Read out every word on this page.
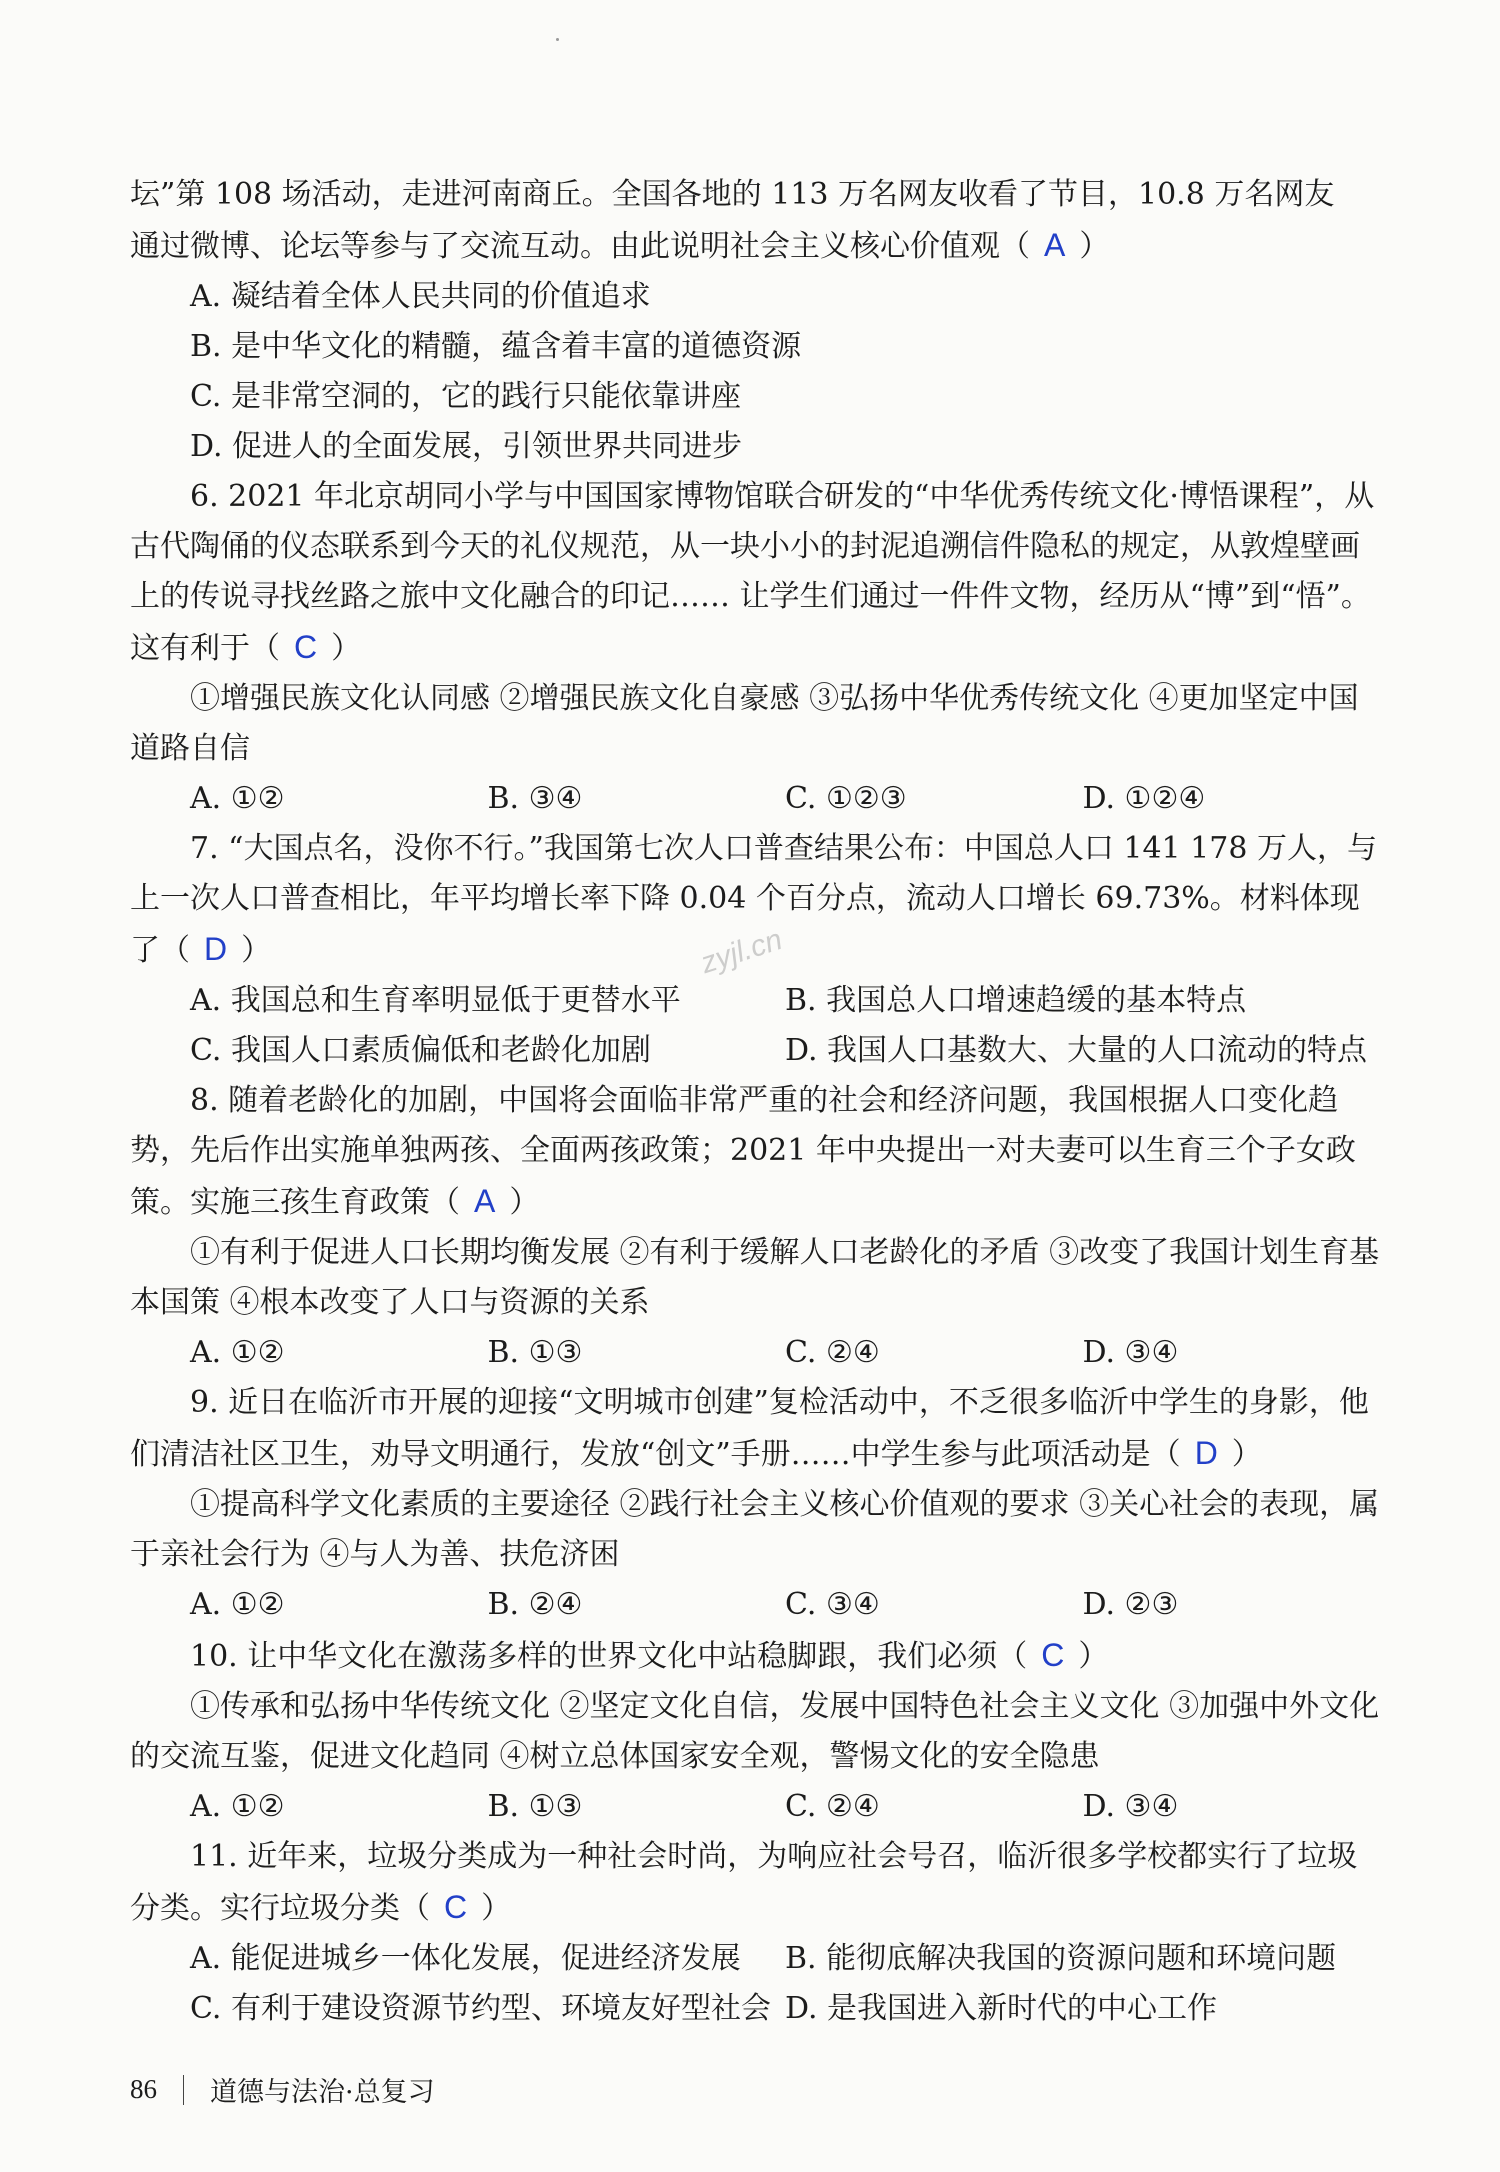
坛”第 108 场活动，走进河南商丘。全国各地的 113 万名网友收看了节目，10.8 万名网友

通过微博、论坛等参与了交流互动。由此说明社会主义核心价值观（ A ）

A. 凝结着全体人民共同的价值追求

B. 是中华文化的精髓，蕴含着丰富的道德资源

C. 是非常空洞的，它的践行只能依靠讲座

D. 促进人的全面发展，引领世界共同进步

6. 2021 年北京胡同小学与中国国家博物馆联合研发的“中华优秀传统文化·博悟课程”，从古代陶俑的仪态联系到今天的礼仪规范，从一块小小的封泥追溯信件隐私的规定，从敦煌壁画上的传说寻找丝路之旅中文化融合的印记…… 让学生们通过一件件文物，经历从“博”到“悟”。这有利于（ C ）

①增强民族文化认同感 ②增强民族文化自豪感 ③弘扬中华优秀传统文化 ④更加坚定中国道路自信

A. ①②	B. ③④	C. ①②③	D. ①②④

7. “大国点名，没你不行。”我国第七次人口普查结果公布：中国总人口 141 178 万人，与上一次人口普查相比，年平均增长率下降 0.04 个百分点，流动人口增长 69.73%。材料体现了（ D ）

A. 我国总和生育率明显低于更替水平	B. 我国总人口增速趋缓的基本特点
C. 我国人口素质偏低和老龄化加剧	D. 我国人口基数大、大量的人口流动的特点

8. 随着老龄化的加剧，中国将会面临非常严重的社会和经济问题，我国根据人口变化趋势，先后作出实施单独两孩、全面两孩政策；2021 年中央提出一对夫妻可以生育三个子女政策。实施三孩生育政策（ A ）

①有利于促进人口长期均衡发展 ②有利于缓解人口老龄化的矛盾 ③改变了我国计划生育基本国策 ④根本改变了人口与资源的关系

A. ①②	B. ①③	C. ②④	D. ③④

9. 近日在临沂市开展的迎接“文明城市创建”复检活动中，不乏很多临沂中学生的身影，他们清洁社区卫生，劝导文明通行，发放“创文”手册……中学生参与此项活动是（ D ）

①提高科学文化素质的主要途径 ②践行社会主义核心价值观的要求 ③关心社会的表现，属于亲社会行为 ④与人为善、扶危济困

A. ①②	B. ②④	C. ③④	D. ②③

10. 让中华文化在激荡多样的世界文化中站稳脚跟，我们必须（ C ）

①传承和弘扬中华传统文化 ②坚定文化自信，发展中国特色社会主义文化 ③加强中外文化的交流互鉴，促进文化趋同 ④树立总体国家安全观，警惕文化的安全隐患

A. ①②	B. ①③	C. ②④	D. ③④

11. 近年来，垃圾分类成为一种社会时尚，为响应社会号召，临沂很多学校都实行了垃圾分类。实行垃圾分类（ C ）

A. 能促进城乡一体化发展，促进经济发展	B. 能彻底解决我国的资源问题和环境问题
C. 有利于建设资源节约型、环境友好型社会 D. 是我国进入新时代的中心工作
zyjl.cn
86 道德与法治·总复习
